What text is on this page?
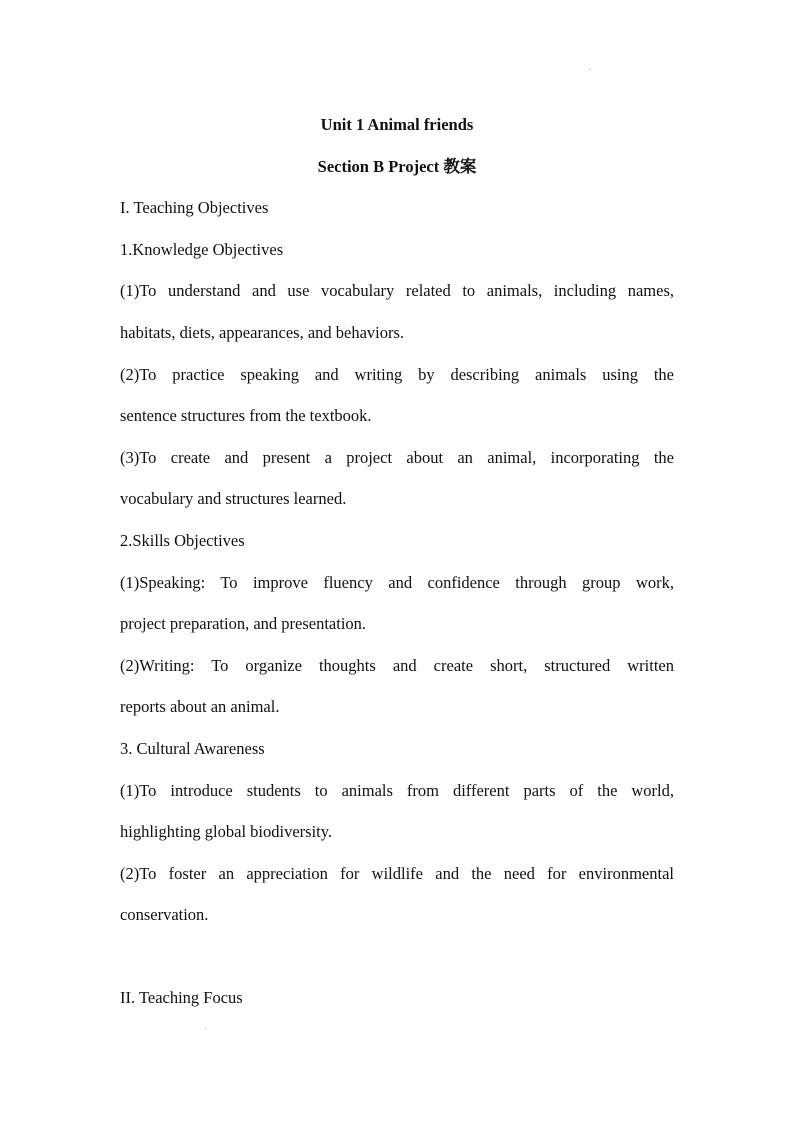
Unit 1 Animal friends
Section B Project 教案
I. Teaching Objectives
1.Knowledge Objectives
(1)To understand and use vocabulary related to animals, including names,
habitats, diets, appearances, and behaviors.
(2)To practice speaking and writing by describing animals using the
sentence structures from the textbook.
(3)To create and present a project about an animal, incorporating the
vocabulary and structures learned.
2.Skills Objectives
(1)Speaking: To improve fluency and confidence through group work,
project preparation, and presentation.
(2)Writing: To organize thoughts and create short, structured written
reports about an animal.
3. Cultural Awareness
(1)To introduce students to animals from different parts of the world,
highlighting global biodiversity.
(2)To foster an appreciation for wildlife and the need for environmental
conservation.
II. Teaching Focus
